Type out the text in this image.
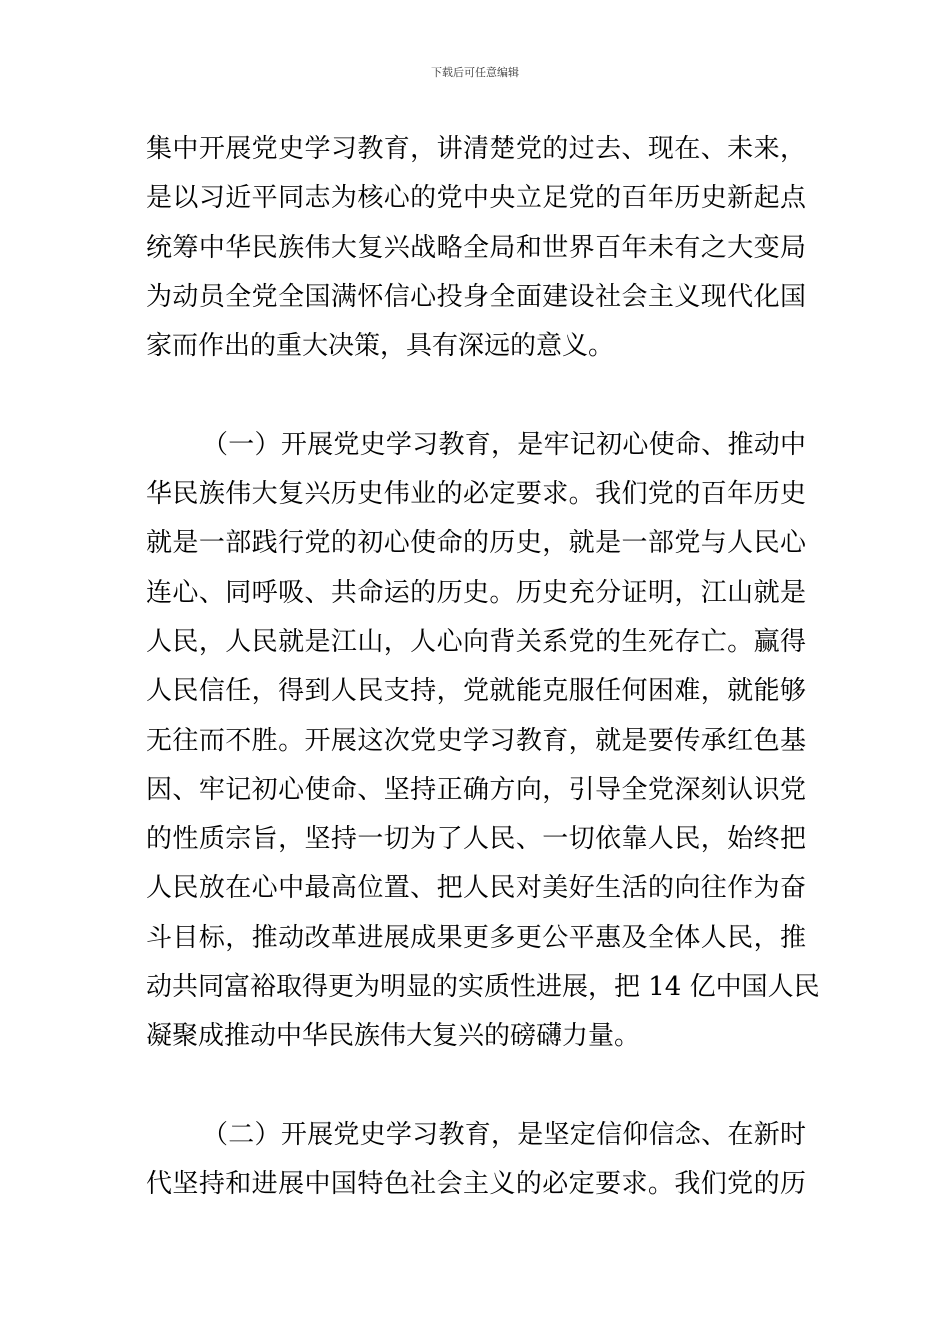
下载后可任意编辑
集中开展党史学习教育，讲清楚党的过去、现在、未来，
是以习近平同志为核心的党中央立足党的百年历史新起点
统筹中华民族伟大复兴战略全局和世界百年未有之大变局
为动员全党全国满怀信心投身全面建设社会主义现代化国
家而作出的重大决策，具有深远的意义。
（一）开展党史学习教育，是牢记初心使命、推动中
华民族伟大复兴历史伟业的必定要求。我们党的百年历史
就是一部践行党的初心使命的历史，就是一部党与人民心
连心、同呼吸、共命运的历史。历史充分证明，江山就是
人民，人民就是江山，人心向背关系党的生死存亡。赢得
人民信任，得到人民支持，党就能克服任何困难，就能够
无往而不胜。开展这次党史学习教育，就是要传承红色基
因、牢记初心使命、坚持正确方向，引导全党深刻认识党
的性质宗旨，坚持一切为了人民、一切依靠人民，始终把
人民放在心中最高位置、把人民对美好生活的向往作为奋
斗目标，推动改革进展成果更多更公平惠及全体人民，推
动共同富裕取得更为明显的实质性进展，把 14 亿中国人民
凝聚成推动中华民族伟大复兴的磅礴力量。
（二）开展党史学习教育，是坚定信仰信念、在新时
代坚持和进展中国特色社会主义的必定要求。我们党的历
